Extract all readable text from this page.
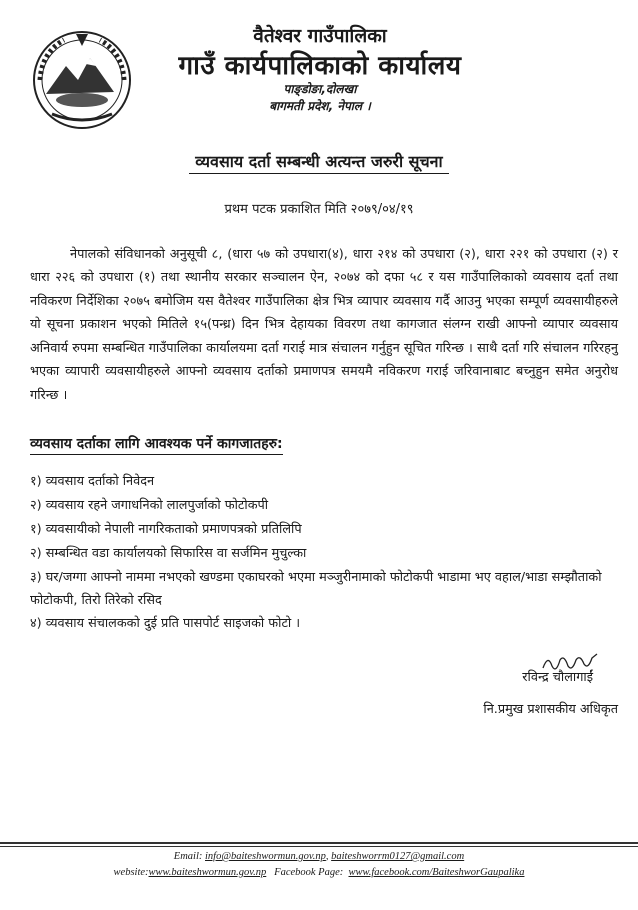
वैतेश्वर गाउँपालिका
गाउँ कार्यपालिकाको कार्यालय
पाङ्डोङा,दोलखा
बागमती प्रदेश, नेपाल ।
व्यवसाय दर्ता सम्बन्धी अत्यन्त जरुरी सूचना
प्रथम पटक प्रकाशित मिति २०७९/०४/१९

नेपालको संविधानको अनुसूची ८, (धारा ५७ को उपधारा(४), धारा २१४ को उपधारा (२), धारा २२१ को उपधारा (२) र धारा २२६ को उपधारा (१) तथा स्थानीय सरकार सञ्चालन ऐन, २०७४ को दफा ५८ र यस गाउँपालिकाको व्यवसाय दर्ता तथा नविकरण निर्देशिका २०७५ बमोजिम यस वैतेश्वर गाउँपालिका क्षेत्र भित्र व्यापार व्यवसाय गर्दै आउनु भएका सम्पूर्ण व्यवसायीहरुले यो सूचना प्रकाशन भएको मितिले १५(पन्ध्र) दिन भित्र देहायका विवरण तथा कागजात संलग्न राखी आफ्नो व्यापार व्यवसाय अनिवार्य रुपमा सम्बन्धित गाउँपालिका कार्यालयमा दर्ता गराई मात्र संचालन गर्नुहुन सूचित गरिन्छ । साथै दर्ता गरि संचालन गरिरहनु भएका व्यापारी व्यवसायीहरुले आफ्नो व्यवसाय दर्ताको प्रमाणपत्र समयमै नविकरण गराई जरिवानाबाट बच्नुहुन समेत अनुरोध गरिन्छ ।

व्यवसाय दर्ताका लागि आवश्यक पर्ने कागजातहरु:
१) व्यवसाय दर्ताको निवेदन
२) व्यवसाय रहने जगाधनिको लालपुर्जाको फोटोकपी
१) व्यवसायीको नेपाली नागरिकताको प्रमाणपत्रको प्रतिलिपि
२) सम्बन्धित वडा कार्यालयको सिफारिस वा सर्जमिन मुचुल्का
३) घर/जग्गा आफ्नो नाममा नभएको खण्डमा एकाघरको भएमा मञ्जुरीनामाको फोटोकपी भाडामा भए वहाल/भाडा सम्झौताको फोटोकपी, तिरो तिरेको रसिद
४) व्यवसाय संचालकको दुई प्रति पासपोर्ट साइजको फोटो ।
रविन्द्र चौलागाईं
नि.प्रमुख प्रशासकीय अधिकृत
Email: info@baiteshwormun.gov.np, baiteshworrm0127@gmail.com
website:www.baiteshwormun.gov.np Facebook Page: www.facebook.com/BaiteshworGaupalika
